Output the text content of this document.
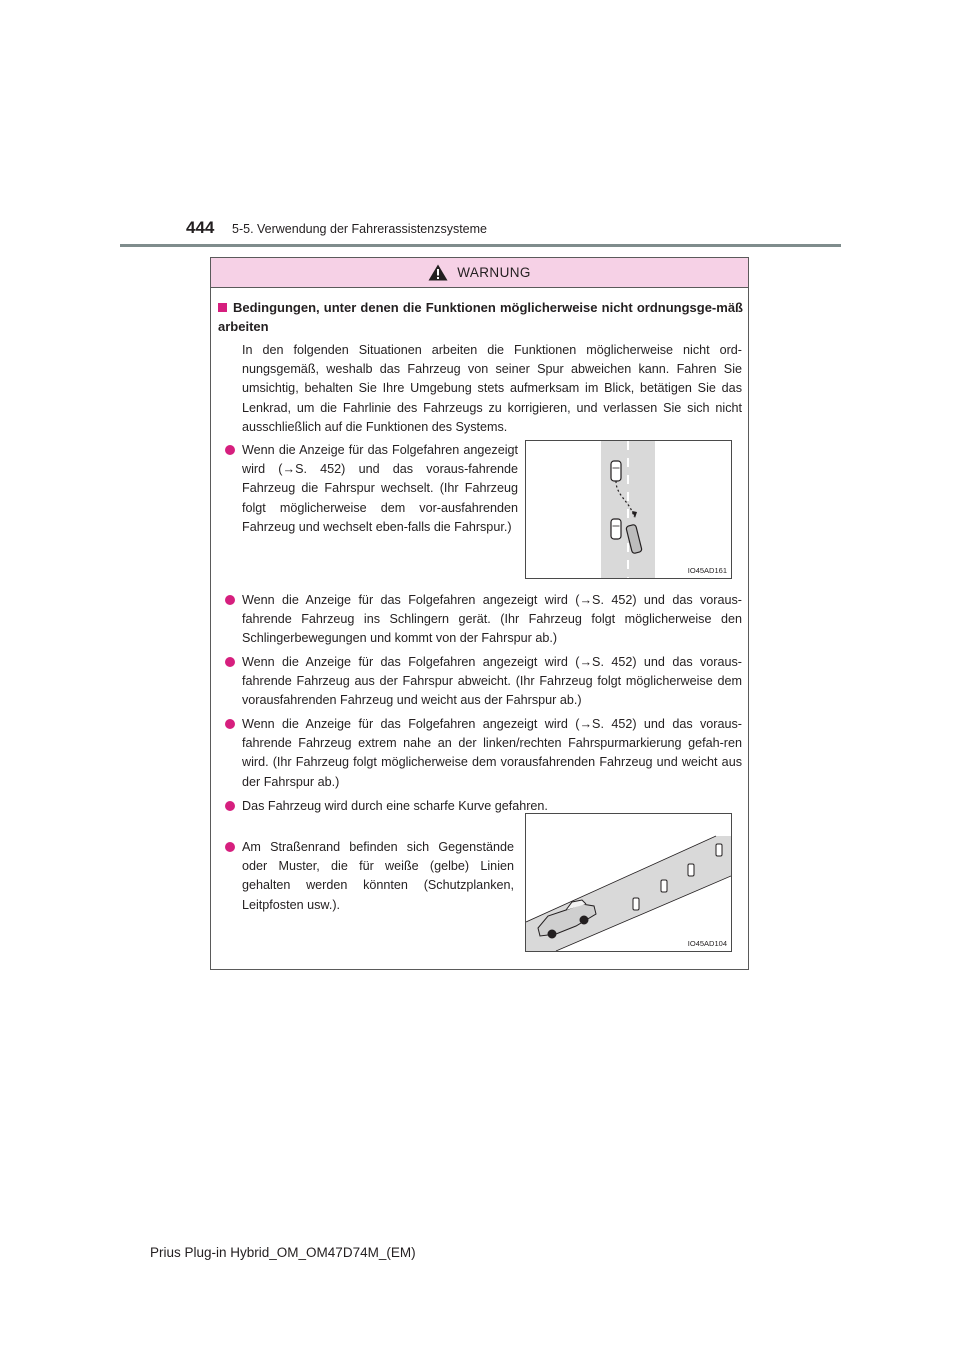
444 5-5. Verwendung der Fahrerassistenzsysteme
WARNUNG
Bedingungen, unter denen die Funktionen möglicherweise nicht ordnungsge-mäß arbeiten
In den folgenden Situationen arbeiten die Funktionen möglicherweise nicht ord-nungsgemäß, weshalb das Fahrzeug von seiner Spur abweichen kann. Fahren Sie umsichtig, behalten Sie Ihre Umgebung stets aufmerksam im Blick, betätigen Sie das Lenkrad, um die Fahrlinie des Fahrzeugs zu korrigieren, und verlassen Sie sich nicht ausschließlich auf die Funktionen des Systems.
Wenn die Anzeige für das Folgefahren angezeigt wird (→S. 452) und das voraus-fahrende Fahrzeug die Fahrspur wechselt. (Ihr Fahrzeug folgt möglicherweise dem vor-ausfahrenden Fahrzeug und wechselt eben-falls die Fahrspur.)
IO45AD161
Wenn die Anzeige für das Folgefahren angezeigt wird (→S. 452) und das voraus-fahrende Fahrzeug ins Schlingern gerät. (Ihr Fahrzeug folgt möglicherweise den Schlingerbewegungen und kommt von der Fahrspur ab.)
Wenn die Anzeige für das Folgefahren angezeigt wird (→S. 452) und das voraus-fahrende Fahrzeug aus der Fahrspur abweicht. (Ihr Fahrzeug folgt möglicherweise dem vorausfahrenden Fahrzeug und weicht aus der Fahrspur ab.)
Wenn die Anzeige für das Folgefahren angezeigt wird (→S. 452) und das voraus-fahrende Fahrzeug extrem nahe an der linken/rechten Fahrspurmarkierung gefah-ren wird. (Ihr Fahrzeug folgt möglicherweise dem vorausfahrenden Fahrzeug und weicht aus der Fahrspur ab.)
Das Fahrzeug wird durch eine scharfe Kurve gefahren.
Am Straßenrand befinden sich Gegenstände oder Muster, die für weiße (gelbe) Linien gehalten werden könnten (Schutzplanken, Leitpfosten usw.).
IO45AD104
Prius Plug-in Hybrid_OM_OM47D74M_(EM)
